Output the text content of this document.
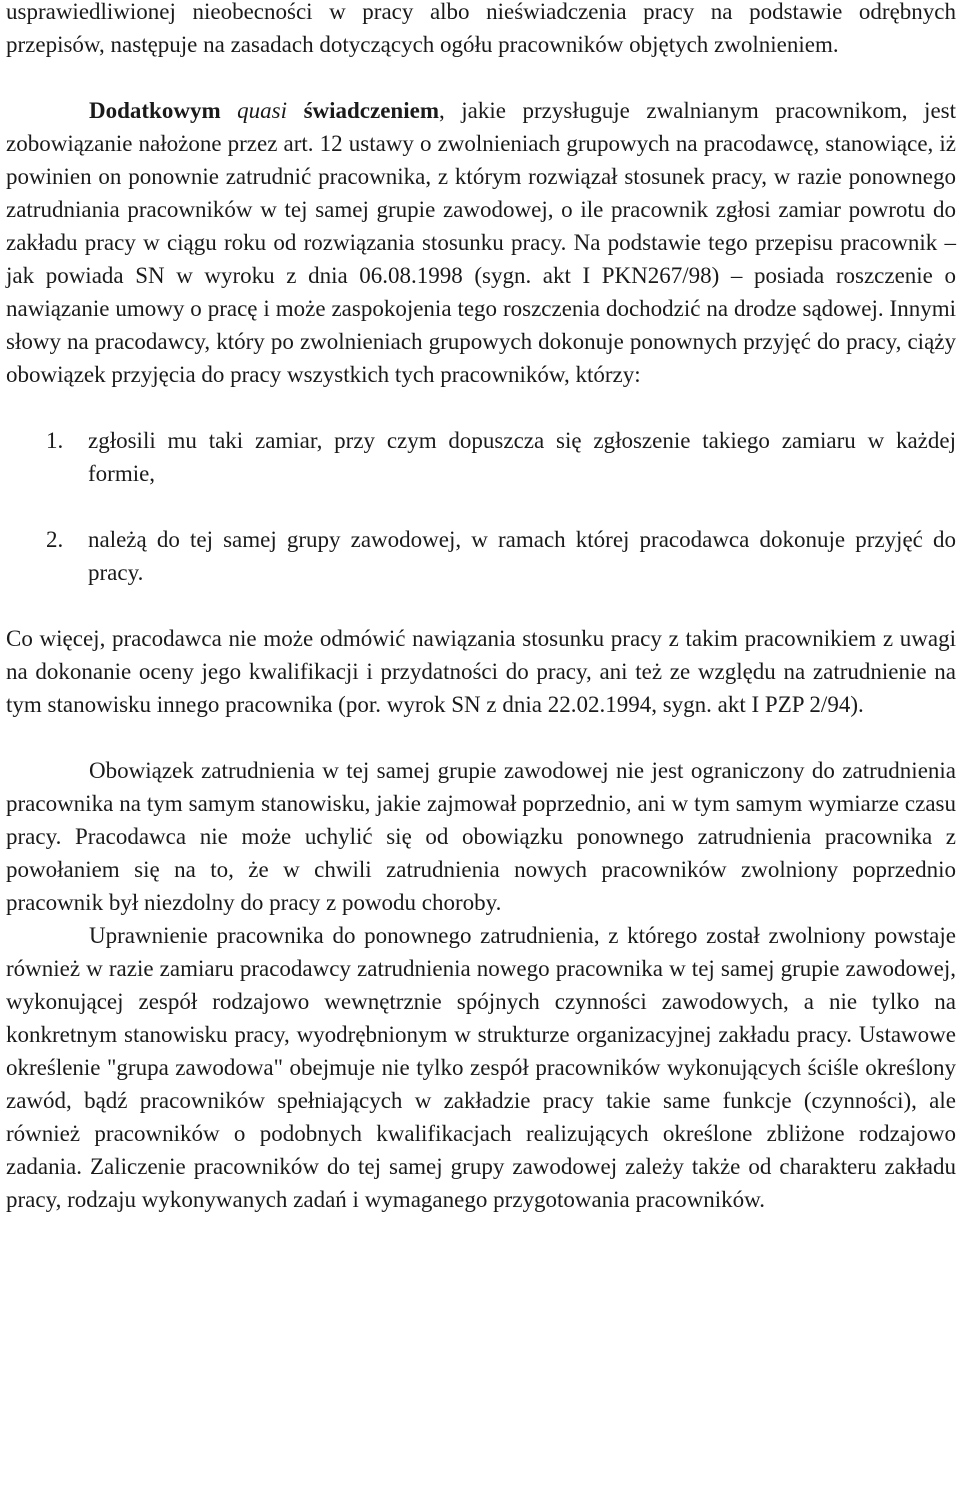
usprawiedliwionej nieobecności w pracy albo nieświadczenia pracy na podstawie odrębnych przepisów, następuje na zasadach dotyczących ogółu pracowników objętych zwolnieniem.

Dodatkowym quasi świadczeniem, jakie przysługuje zwalnianym pracownikom, jest zobowiązanie nałożone przez art. 12 ustawy o zwolnieniach grupowych na pracodawcę, stanowiące, iż powinien on ponownie zatrudnić pracownika, z którym rozwiązał stosunek pracy, w razie ponownego zatrudniania pracowników w tej samej grupie zawodowej, o ile pracownik zgłosi zamiar powrotu do zakładu pracy w ciągu roku od rozwiązania stosunku pracy. Na podstawie tego przepisu pracownik – jak powiada SN w wyroku z dnia 06.08.1998 (sygn. akt I PKN267/98) – posiada roszczenie o nawiązanie umowy o pracę i może zaspokojenia tego roszczenia dochodzić na drodze sądowej. Innymi słowy na pracodawcy, który po zwolnieniach grupowych dokonuje ponownych przyjęć do pracy, ciąży obowiązek przyjęcia do pracy wszystkich tych pracowników, którzy:

1.	zgłosili mu taki zamiar, przy czym dopuszcza się zgłoszenie takiego zamiaru w każdej formie,
2.	należą do tej samej grupy zawodowej, w ramach której pracodawca dokonuje przyjęć do pracy.

Co więcej, pracodawca nie może odmówić nawiązania stosunku pracy z takim pracownikiem z uwagi na dokonanie oceny jego kwalifikacji i przydatności do pracy, ani też ze względu na zatrudnienie na tym stanowisku innego pracownika (por. wyrok SN z dnia 22.02.1994, sygn. akt I PZP 2/94).

Obowiązek zatrudnienia w tej samej grupie zawodowej nie jest ograniczony do zatrudnienia pracownika na tym samym stanowisku, jakie zajmował poprzednio, ani w tym samym wymiarze czasu pracy. Pracodawca nie może uchylić się od obowiązku ponownego zatrudnienia pracownika z powołaniem się na to, że w chwili zatrudnienia nowych pracowników zwolniony poprzednio pracownik był niezdolny do pracy z powodu choroby.

Uprawnienie pracownika do ponownego zatrudnienia, z którego został zwolniony powstaje również w razie zamiaru pracodawcy zatrudnienia nowego pracownika w tej samej grupie zawodowej, wykonującej zespół rodzajowo wewnętrznie spójnych czynności zawodowych, a nie tylko na konkretnym stanowisku pracy, wyodrębnionym w strukturze organizacyjnej zakładu pracy. Ustawowe określenie "grupa zawodowa" obejmuje nie tylko zespół pracowników wykonujących ściśle określony zawód, bądź pracowników spełniających w zakładzie pracy takie same funkcje (czynności), ale również pracowników o podobnych kwalifikacjach realizujących określone zbliżone rodzajowo zadania. Zaliczenie pracowników do tej samej grupy zawodowej zależy także od charakteru zakładu pracy, rodzaju wykonywanych zadań i wymaganego przygotowania pracowników.
